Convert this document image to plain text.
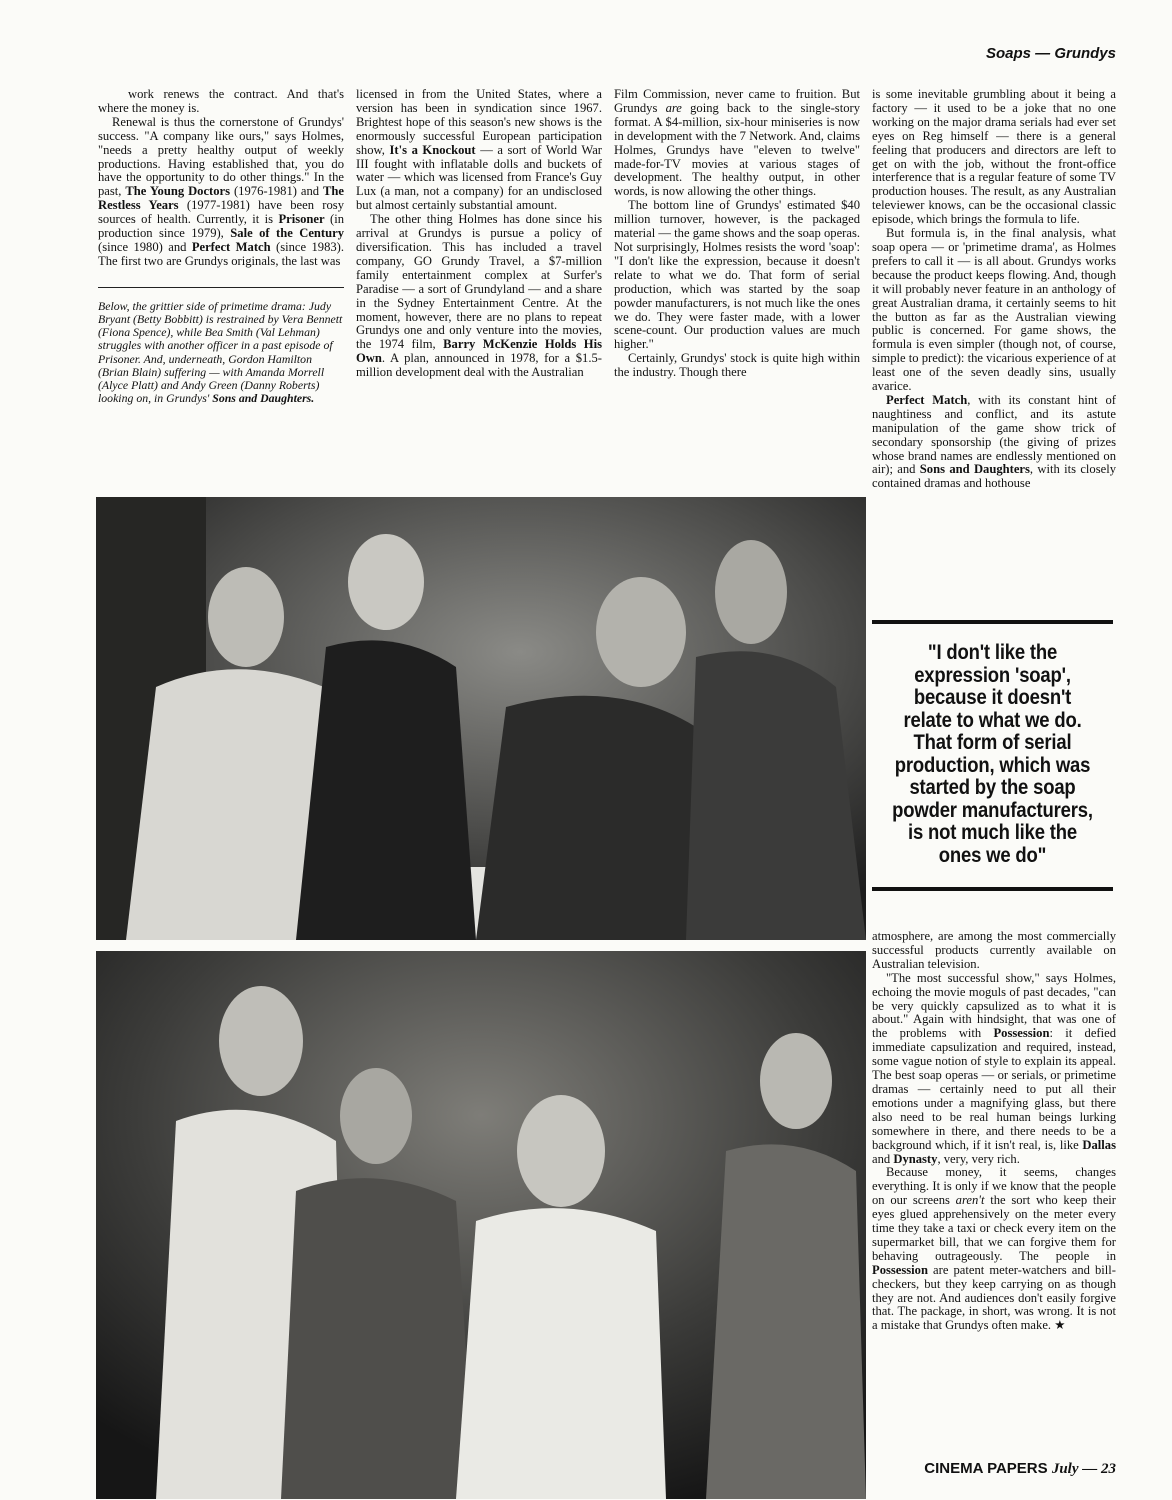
Soaps — Grundys

work renews the contract. And that's where the money is.

Renewal is thus the cornerstone of Grundys' success. "A company like ours," says Holmes, "needs a pretty healthy output of weekly productions. Having established that, you do have the opportunity to do other things." In the past, The Young Doctors (1976-1981) and The Restless Years (1977-1981) have been rosy sources of health. Currently, it is Prisoner (in production since 1979), Sale of the Century (since 1980) and Perfect Match (since 1983). The first two are Grundys originals, the last was

Below, the grittier side of primetime drama: Judy Bryant (Betty Bobbitt) is restrained by Vera Bennett (Fiona Spence), while Bea Smith (Val Lehman) struggles with another officer in a past episode of Prisoner. And, underneath, Gordon Hamilton (Brian Blain) suffering — with Amanda Morrell (Alyce Platt) and Andy Green (Danny Roberts) looking on, in Grundys' Sons and Daughters.

licensed in from the United States, where a version has been in syndication since 1967. Brightest hope of this season's new shows is the enormously successful European participation show, It's a Knockout — a sort of World War III fought with inflatable dolls and buckets of water — which was licensed from France's Guy Lux (a man, not a company) for an undisclosed but almost certainly substantial amount.

The other thing Holmes has done since his arrival at Grundys is pursue a policy of diversification. This has included a travel company, GO Grundy Travel, a $7-million family entertainment complex at Surfer's Paradise — a sort of Grundyland — and a share in the Sydney Entertainment Centre. At the moment, however, there are no plans to repeat Grundys one and only venture into the movies, the 1974 film, Barry McKenzie Holds His Own. A plan, announced in 1978, for a $1.5-million development deal with the Australian

Film Commission, never came to fruition. But Grundys are going back to the single-story format. A $4-million, six-hour miniseries is now in development with the 7 Network. And, claims Holmes, Grundys have "eleven to twelve" made-for-TV movies at various stages of development. The healthy output, in other words, is now allowing the other things.

The bottom line of Grundys' estimated $40 million turnover, however, is the packaged material — the game shows and the soap operas. Not surprisingly, Holmes resists the word 'soap': "I don't like the expression, because it doesn't relate to what we do. That form of serial production, which was started by the soap powder manufacturers, is not much like the ones we do. They were faster made, with a lower scene-count. Our production values are much higher."

Certainly, Grundys' stock is quite high within the industry. Though there

is some inevitable grumbling about it being a factory — it used to be a joke that no one working on the major drama serials had ever set eyes on Reg himself — there is a general feeling that producers and directors are left to get on with the job, without the front-office interference that is a regular feature of some TV production houses. The result, as any Australian televiewer knows, can be the occasional classic episode, which brings the formula to life.

But formula is, in the final analysis, what soap opera — or 'primetime drama', as Holmes prefers to call it — is all about. Grundys works because the product keeps flowing. And, though it will probably never feature in an anthology of great Australian drama, it certainly seems to hit the button as far as the Australian viewing public is concerned. For game shows, the formula is even simpler (though not, of course, simple to predict): the vicarious experience of at least one of the seven deadly sins, usually avarice.

Perfect Match, with its constant hint of naughtiness and conflict, and its astute manipulation of the game show trick of secondary sponsorship (the giving of prizes whose brand names are endlessly mentioned on air); and Sons and Daughters, with its closely contained dramas and hothouse

"I don't like the expression 'soap', because it doesn't relate to what we do. That form of serial production, which was started by the soap powder manufacturers, is not much like the ones we do"

atmosphere, are among the most commercially successful products currently available on Australian television.

"The most successful show," says Holmes, echoing the movie moguls of past decades, "can be very quickly capsulized as to what it is about." Again with hindsight, that was one of the problems with Possession: it defied immediate capsulization and required, instead, some vague notion of style to explain its appeal. The best soap operas — or serials, or primetime dramas — certainly need to put all their emotions under a magnifying glass, but there also need to be real human beings lurking somewhere in there, and there needs to be a background which, if it isn't real, is, like Dallas and Dynasty, very, very rich.

Because money, it seems, changes everything. It is only if we know that the people on our screens aren't the sort who keep their eyes glued apprehensively on the meter every time they take a taxi or check every item on the supermarket bill, that we can forgive them for behaving outrageously. The people in Possession are patent meter-watchers and bill-checkers, but they keep carrying on as though they are not. And audiences don't easily forgive that. The package, in short, was wrong. It is not a mistake that Grundys often make. ★

CINEMA PAPERS July — 23
